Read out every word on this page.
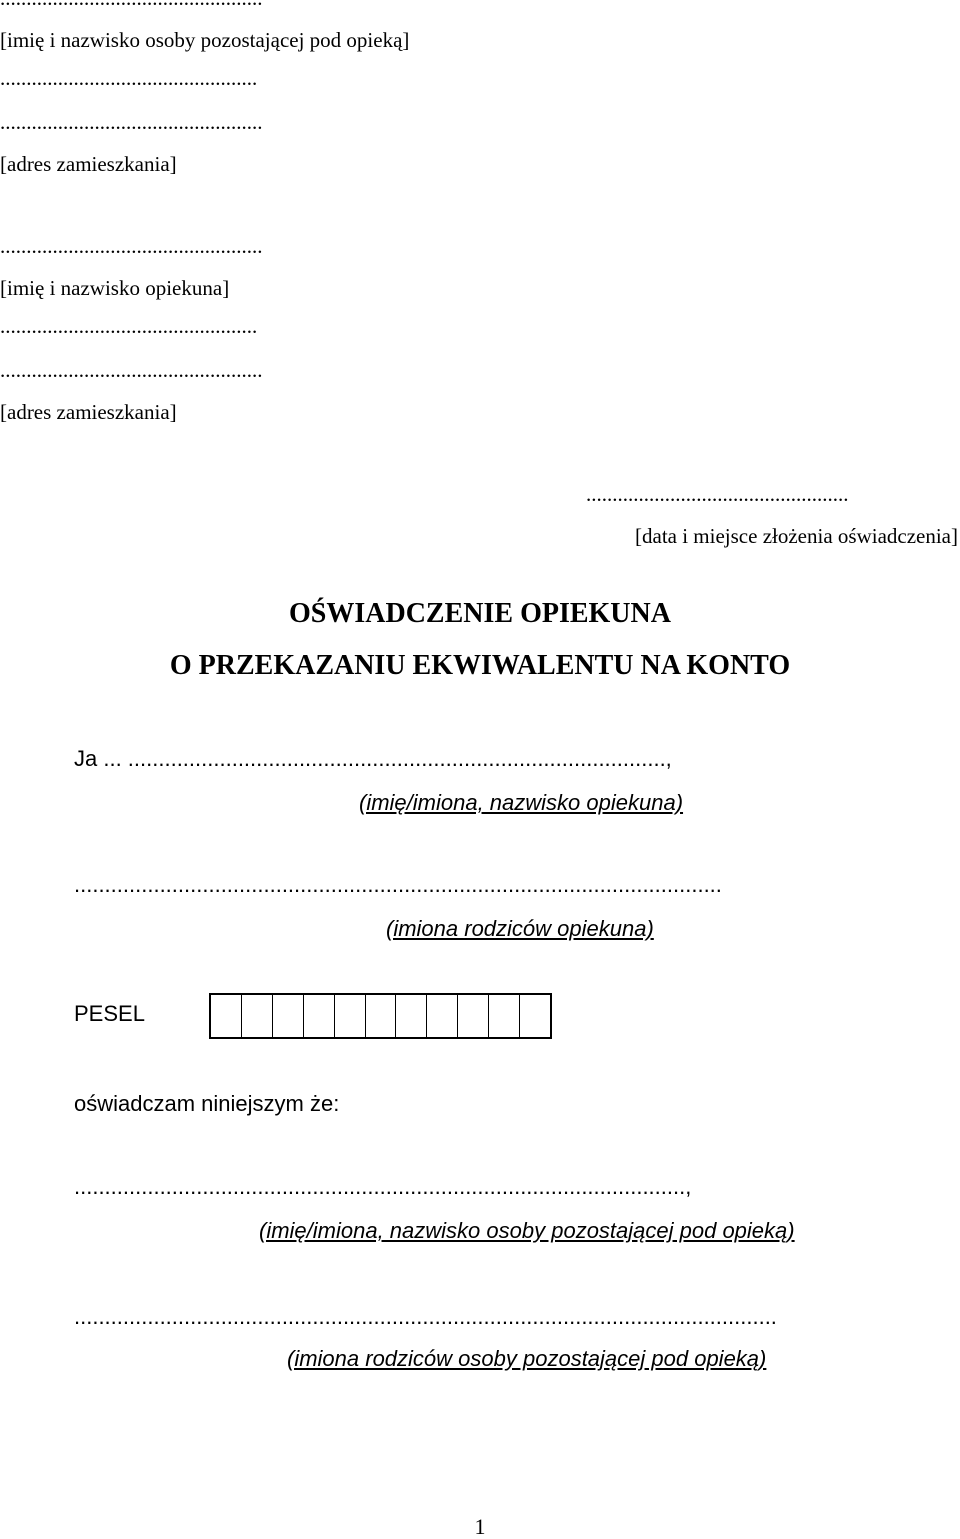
[imię i nazwisko osoby pozostającej pod opieką]
.................................................
..................................................
[adres zamieszkania]
..................................................
[imię i nazwisko opiekuna]
.................................................
..................................................
[adres zamieszkania]
..................................................
[data i miejsce złożenia oświadczenia]
OŚWIADCZENIE OPIEKUNA
O PRZEKAZANIU EKWIWALENTU NA KONTO
Ja ... ........................................................................................,
(imię/imiona, nazwisko opiekuna)
..........................................................................................................
(imiona rodziców opiekuna)
PESEL
oświadczam niniejszym że:
....................................................................................................,
(imię/imiona, nazwisko osoby pozostającej pod opieką)
...................................................................................................................
(imiona rodziców osoby pozostającej pod opieką)
1
